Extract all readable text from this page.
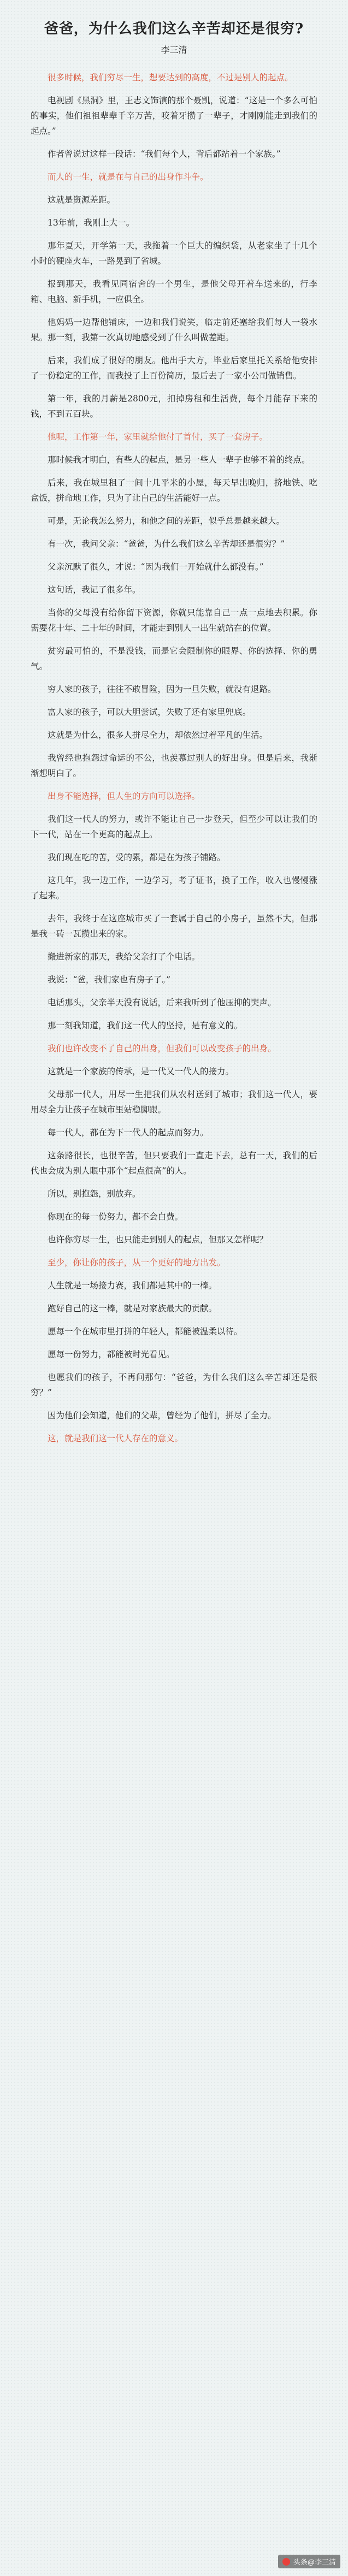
爸爸，为什么我们这么辛苦却还是很穷?
李三清

很多时候，我们穷尽一生，想要达到的高度，不过是别人的起点。

电视剧《黑洞》里，王志文饰演的那个聂凯，说道：“这是一个多么可怕的事实，他们祖祖辈辈千辛万苦，咬着牙攒了一辈子，才刚刚能走到我们的起点。”

作者曾说过这样一段话：“我们每个人，背后都站着一个家族。”

而人的一生，就是在与自己的出身作斗争。

这就是资源差距。

13年前，我刚上大一。

那年夏天，开学第一天，我拖着一个巨大的编织袋，从老家坐了十几个小时的硬座火车，一路晃到了省城。

报到那天，我看见同宿舍的一个男生，是他父母开着车送来的，行李箱、电脑、新手机，一应俱全。

他妈妈一边帮他铺床，一边和我们说笑，临走前还塞给我们每人一袋水果。那一刻，我第一次真切地感受到了什么叫做差距。

后来，我们成了很好的朋友。他出手大方，毕业后家里托关系给他安排了一份稳定的工作，而我投了上百份简历，最后去了一家小公司做销售。

第一年，我的月薪是2800元，扣掉房租和生活费，每个月能存下来的钱，不到五百块。

他呢，工作第一年，家里就给他付了首付，买了一套房子。

那时候我才明白，有些人的起点，是另一些人一辈子也够不着的终点。

后来，我在城里租了一间十几平米的小屋，每天早出晚归，挤地铁、吃盒饭，拼命地工作，只为了让自己的生活能好一点。

可是，无论我怎么努力，和他之间的差距，似乎总是越来越大。

有一次，我问父亲：“爸爸，为什么我们这么辛苦却还是很穷？”

父亲沉默了很久，才说：“因为我们一开始就什么都没有。”

这句话，我记了很多年。

当你的父母没有给你留下资源，你就只能靠自己一点一点地去积累。你需要花十年、二十年的时间，才能走到别人一出生就站在的位置。

贫穷最可怕的，不是没钱，而是它会限制你的眼界、你的选择、你的勇气。

穷人家的孩子，往往不敢冒险，因为一旦失败，就没有退路。

富人家的孩子，可以大胆尝试，失败了还有家里兜底。

这就是为什么，很多人拼尽全力，却依然过着平凡的生活。

我曾经也抱怨过命运的不公，也羡慕过别人的好出身。但是后来，我渐渐想明白了。

出身不能选择，但人生的方向可以选择。

我们这一代人的努力，或许不能让自己一步登天，但至少可以让我们的下一代，站在一个更高的起点上。

我们现在吃的苦，受的累，都是在为孩子铺路。

这几年，我一边工作，一边学习，考了证书，换了工作，收入也慢慢涨了起来。

去年，我终于在这座城市买了一套属于自己的小房子，虽然不大，但那是我一砖一瓦攒出来的家。

搬进新家的那天，我给父亲打了个电话。

我说：“爸，我们家也有房子了。”

电话那头，父亲半天没有说话，后来我听到了他压抑的哭声。

那一刻我知道，我们这一代人的坚持，是有意义的。

我们也许改变不了自己的出身，但我们可以改变孩子的出身。

这就是一个家族的传承，是一代又一代人的接力。

父母那一代人，用尽一生把我们从农村送到了城市；我们这一代人，要用尽全力让孩子在城市里站稳脚跟。

每一代人，都在为下一代人的起点而努力。

这条路很长，也很辛苦，但只要我们一直走下去，总有一天，我们的后代也会成为别人眼中那个“起点很高”的人。

所以，别抱怨，别放弃。

你现在的每一份努力，都不会白费。

也许你穷尽一生，也只能走到别人的起点，但那又怎样呢？

至少，你让你的孩子，从一个更好的地方出发。

人生就是一场接力赛，我们都是其中的一棒。

跑好自己的这一棒，就是对家族最大的贡献。

愿每一个在城市里打拼的年轻人，都能被温柔以待。

愿每一份努力，都能被时光看见。

也愿我们的孩子，不再问那句：“爸爸，为什么我们这么辛苦却还是很穷？”

因为他们会知道，他们的父辈，曾经为了他们，拼尽了全力。

这，就是我们这一代人存在的意义。

头条@李三清
